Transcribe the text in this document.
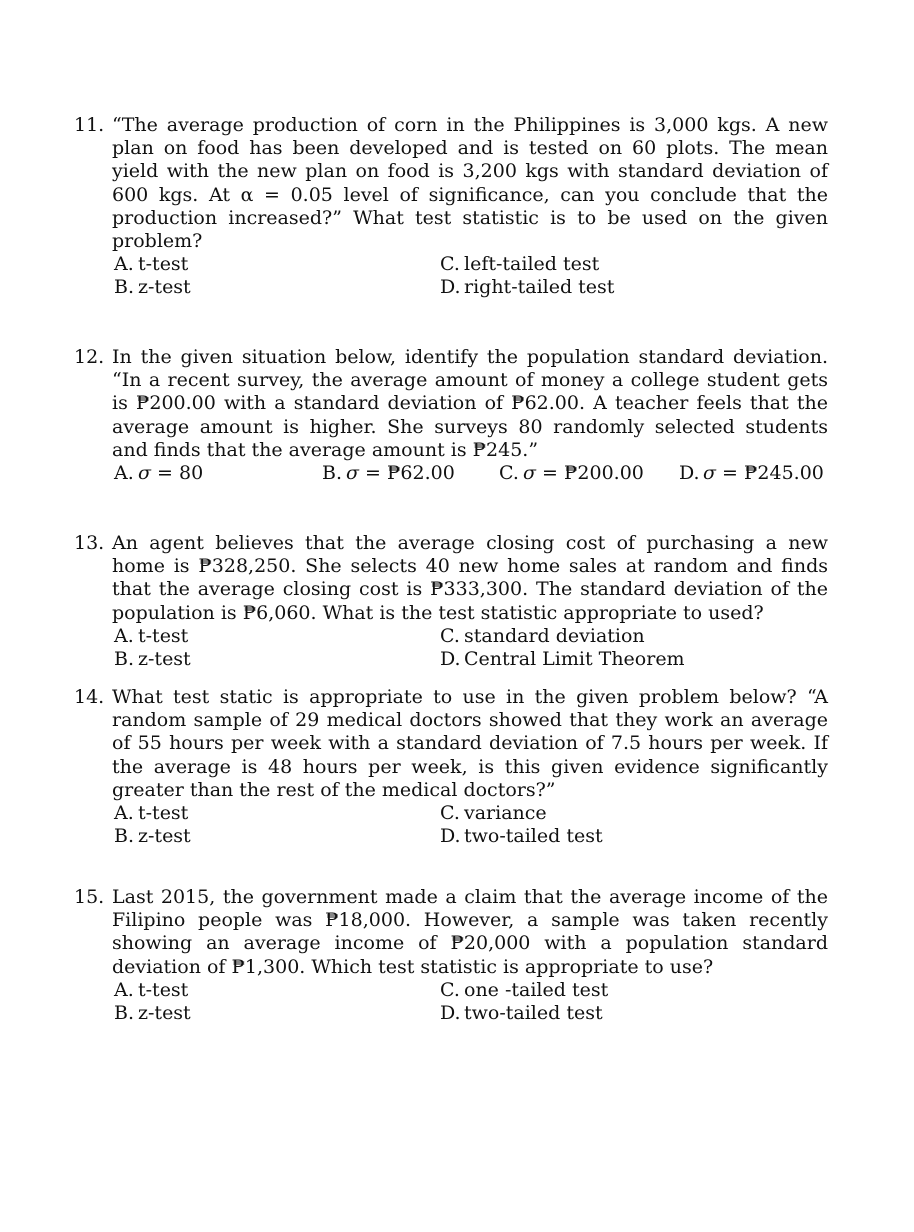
11. “The average production of corn in the Philippines is 3,000 kgs. A new plan on food has been developed and is tested on 60 plots. The mean yield with the new plan on food is 3,200 kgs with standard deviation of 600 kgs. At α = 0.05 level of significance, can you conclude that the production increased?” What test statistic is to be used on the given problem?
A. t-test
B. z-test
C. left-tailed test
D. right-tailed test
12. In the given situation below, identify the population standard deviation. “In a recent survey, the average amount of money a college student gets is ₱200.00 with a standard deviation of ₱62.00. A teacher feels that the average amount is higher. She surveys 80 randomly selected students and finds that the average amount is ₱245.”
A. σ = 80	B. σ = ₱62.00 C. σ = ₱200.00 D. σ = ₱245.00
13. An agent believes that the average closing cost of purchasing a new home is ₱328,250. She selects 40 new home sales at random and finds that the average closing cost is ₱333,300. The standard deviation of the population is ₱6,060. What is the test statistic appropriate to used?
A. t-test
B. z-test
C. standard deviation
D. Central Limit Theorem
14. What test static is appropriate to use in the given problem below? “A random sample of 29 medical doctors showed that they work an average of 55 hours per week with a standard deviation of 7.5 hours per week. If the average is 48 hours per week, is this given evidence significantly greater than the rest of the medical doctors?”
A. t-test
B. z-test
C. variance
D. two-tailed test
15. Last 2015, the government made a claim that the average income of the Filipino people was ₱18,000. However, a sample was taken recently showing an average income of ₱20,000 with a population standard deviation of ₱1,300. Which test statistic is appropriate to use?
A. t-test
B. z-test
C. one -tailed test
D. two-tailed test
